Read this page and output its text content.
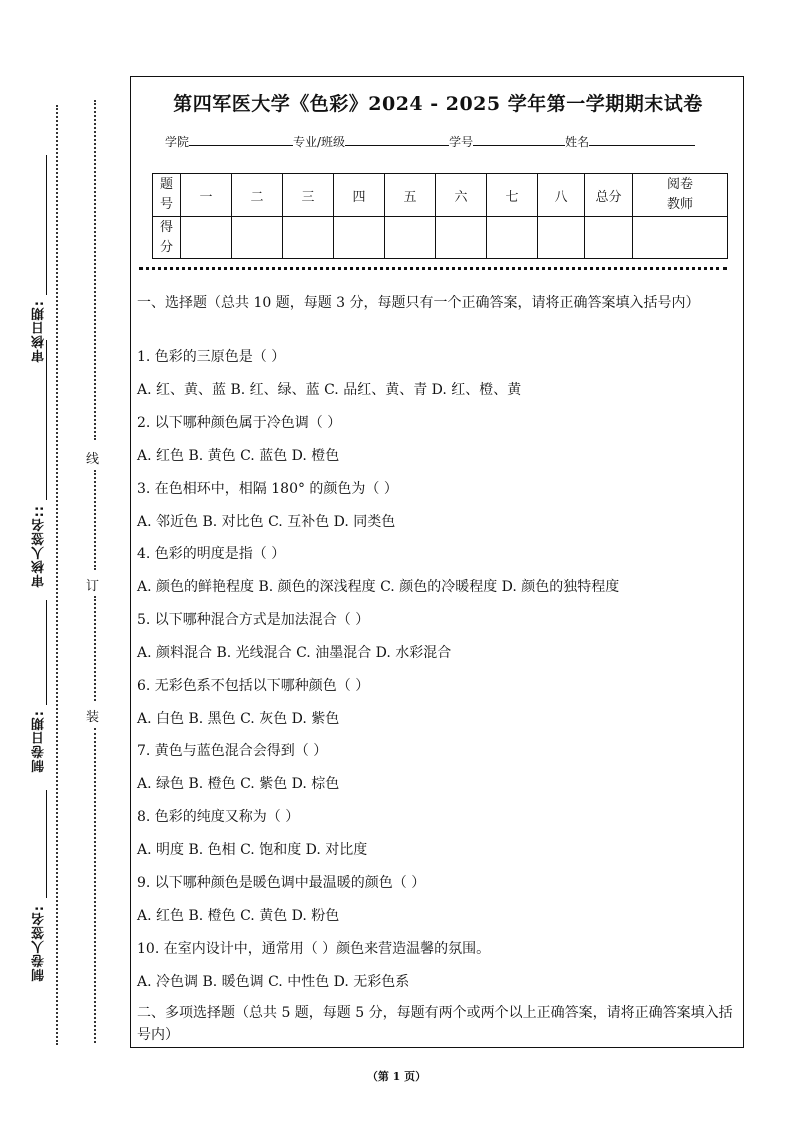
审核日期:
审核人签名::
制卷日期:
制卷人签名:
线
订
装
第四军医大学《色彩》2024 - 2025 学年第一学期期末试卷
学院	专业/班级	学号	姓名
题
号	一	二	三	四	五	六	七	八	总分	阅卷
教师
得
分										
一、选择题（总共 10 题，每题 3 分，每题只有一个正确答案，请将正确答案填入括号内）
1. 色彩的三原色是（ ）
A. 红、黄、蓝 B. 红、绿、蓝 C. 品红、黄、青 D. 红、橙、黄
2. 以下哪种颜色属于冷色调（ ）
A. 红色 B. 黄色 C. 蓝色 D. 橙色
3. 在色相环中，相隔 180° 的颜色为（ ）
A. 邻近色 B. 对比色 C. 互补色 D. 同类色
4. 色彩的明度是指（ ）
A. 颜色的鲜艳程度 B. 颜色的深浅程度 C. 颜色的冷暖程度 D. 颜色的独特程度
5. 以下哪种混合方式是加法混合（ ）
A. 颜料混合 B. 光线混合 C. 油墨混合 D. 水彩混合
6. 无彩色系不包括以下哪种颜色（ ）
A. 白色 B. 黑色 C. 灰色 D. 紫色
7. 黄色与蓝色混合会得到（ ）
A. 绿色 B. 橙色 C. 紫色 D. 棕色
8. 色彩的纯度又称为（ ）
A. 明度 B. 色相 C. 饱和度 D. 对比度
9. 以下哪种颜色是暖色调中最温暖的颜色（ ）
A. 红色 B. 橙色 C. 黄色 D. 粉色
10. 在室内设计中，通常用（ ）颜色来营造温馨的氛围。
A. 冷色调 B. 暖色调 C. 中性色 D. 无彩色系
二、多项选择题（总共 5 题，每题 5 分，每题有两个或两个以上正确答案，请将正确答案填入括号内）
（第 1 页）
